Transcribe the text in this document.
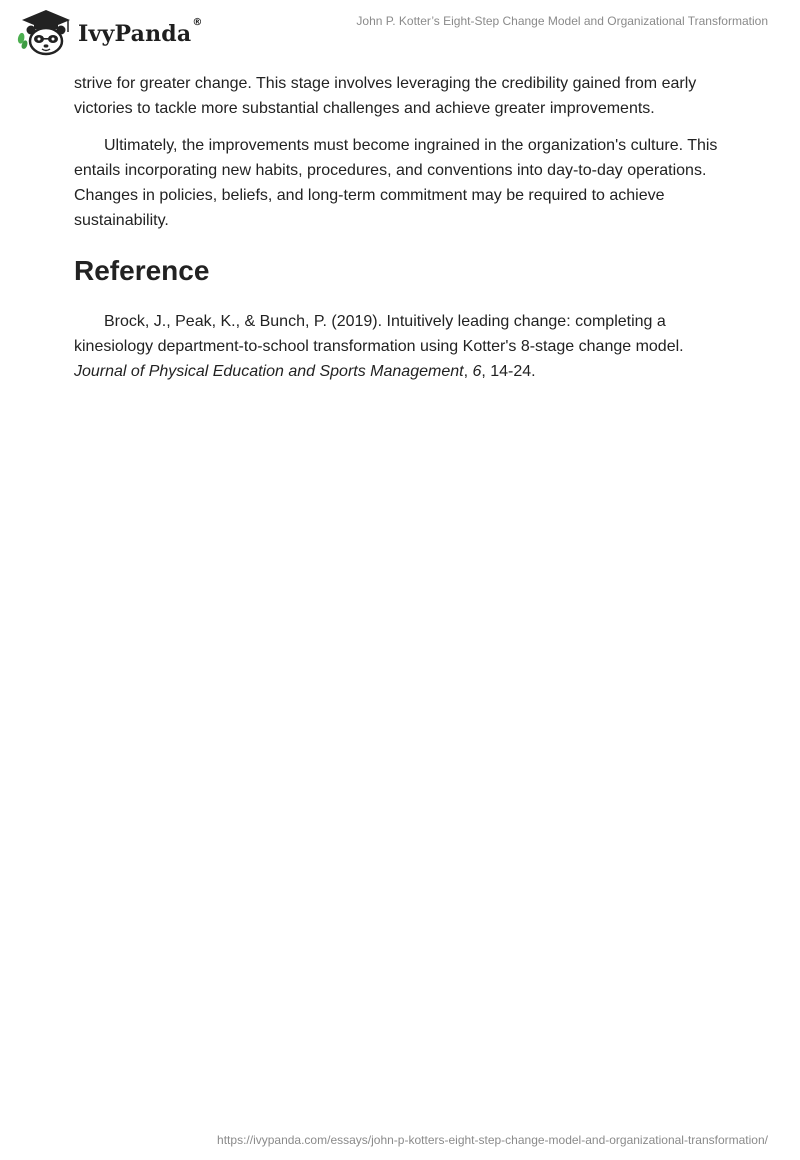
IvyPanda®	John P. Kotter’s Eight-Step Change Model and Organizational Transformation

strive for greater change. This stage involves leveraging the credibility gained from early victories to tackle more substantial challenges and achieve greater improvements.

Ultimately, the improvements must become ingrained in the organization's culture. This entails incorporating new habits, procedures, and conventions into day-to-day operations. Changes in policies, beliefs, and long-term commitment may be required to achieve sustainability.

Reference

Brock, J., Peak, K., & Bunch, P. (2019). Intuitively leading change: completing a kinesiology department-to-school transformation using Kotter's 8-stage change model. Journal of Physical Education and Sports Management, 6, 14-24.

https://ivypanda.com/essays/john-p-kotters-eight-step-change-model-and-organizational-transformation/
